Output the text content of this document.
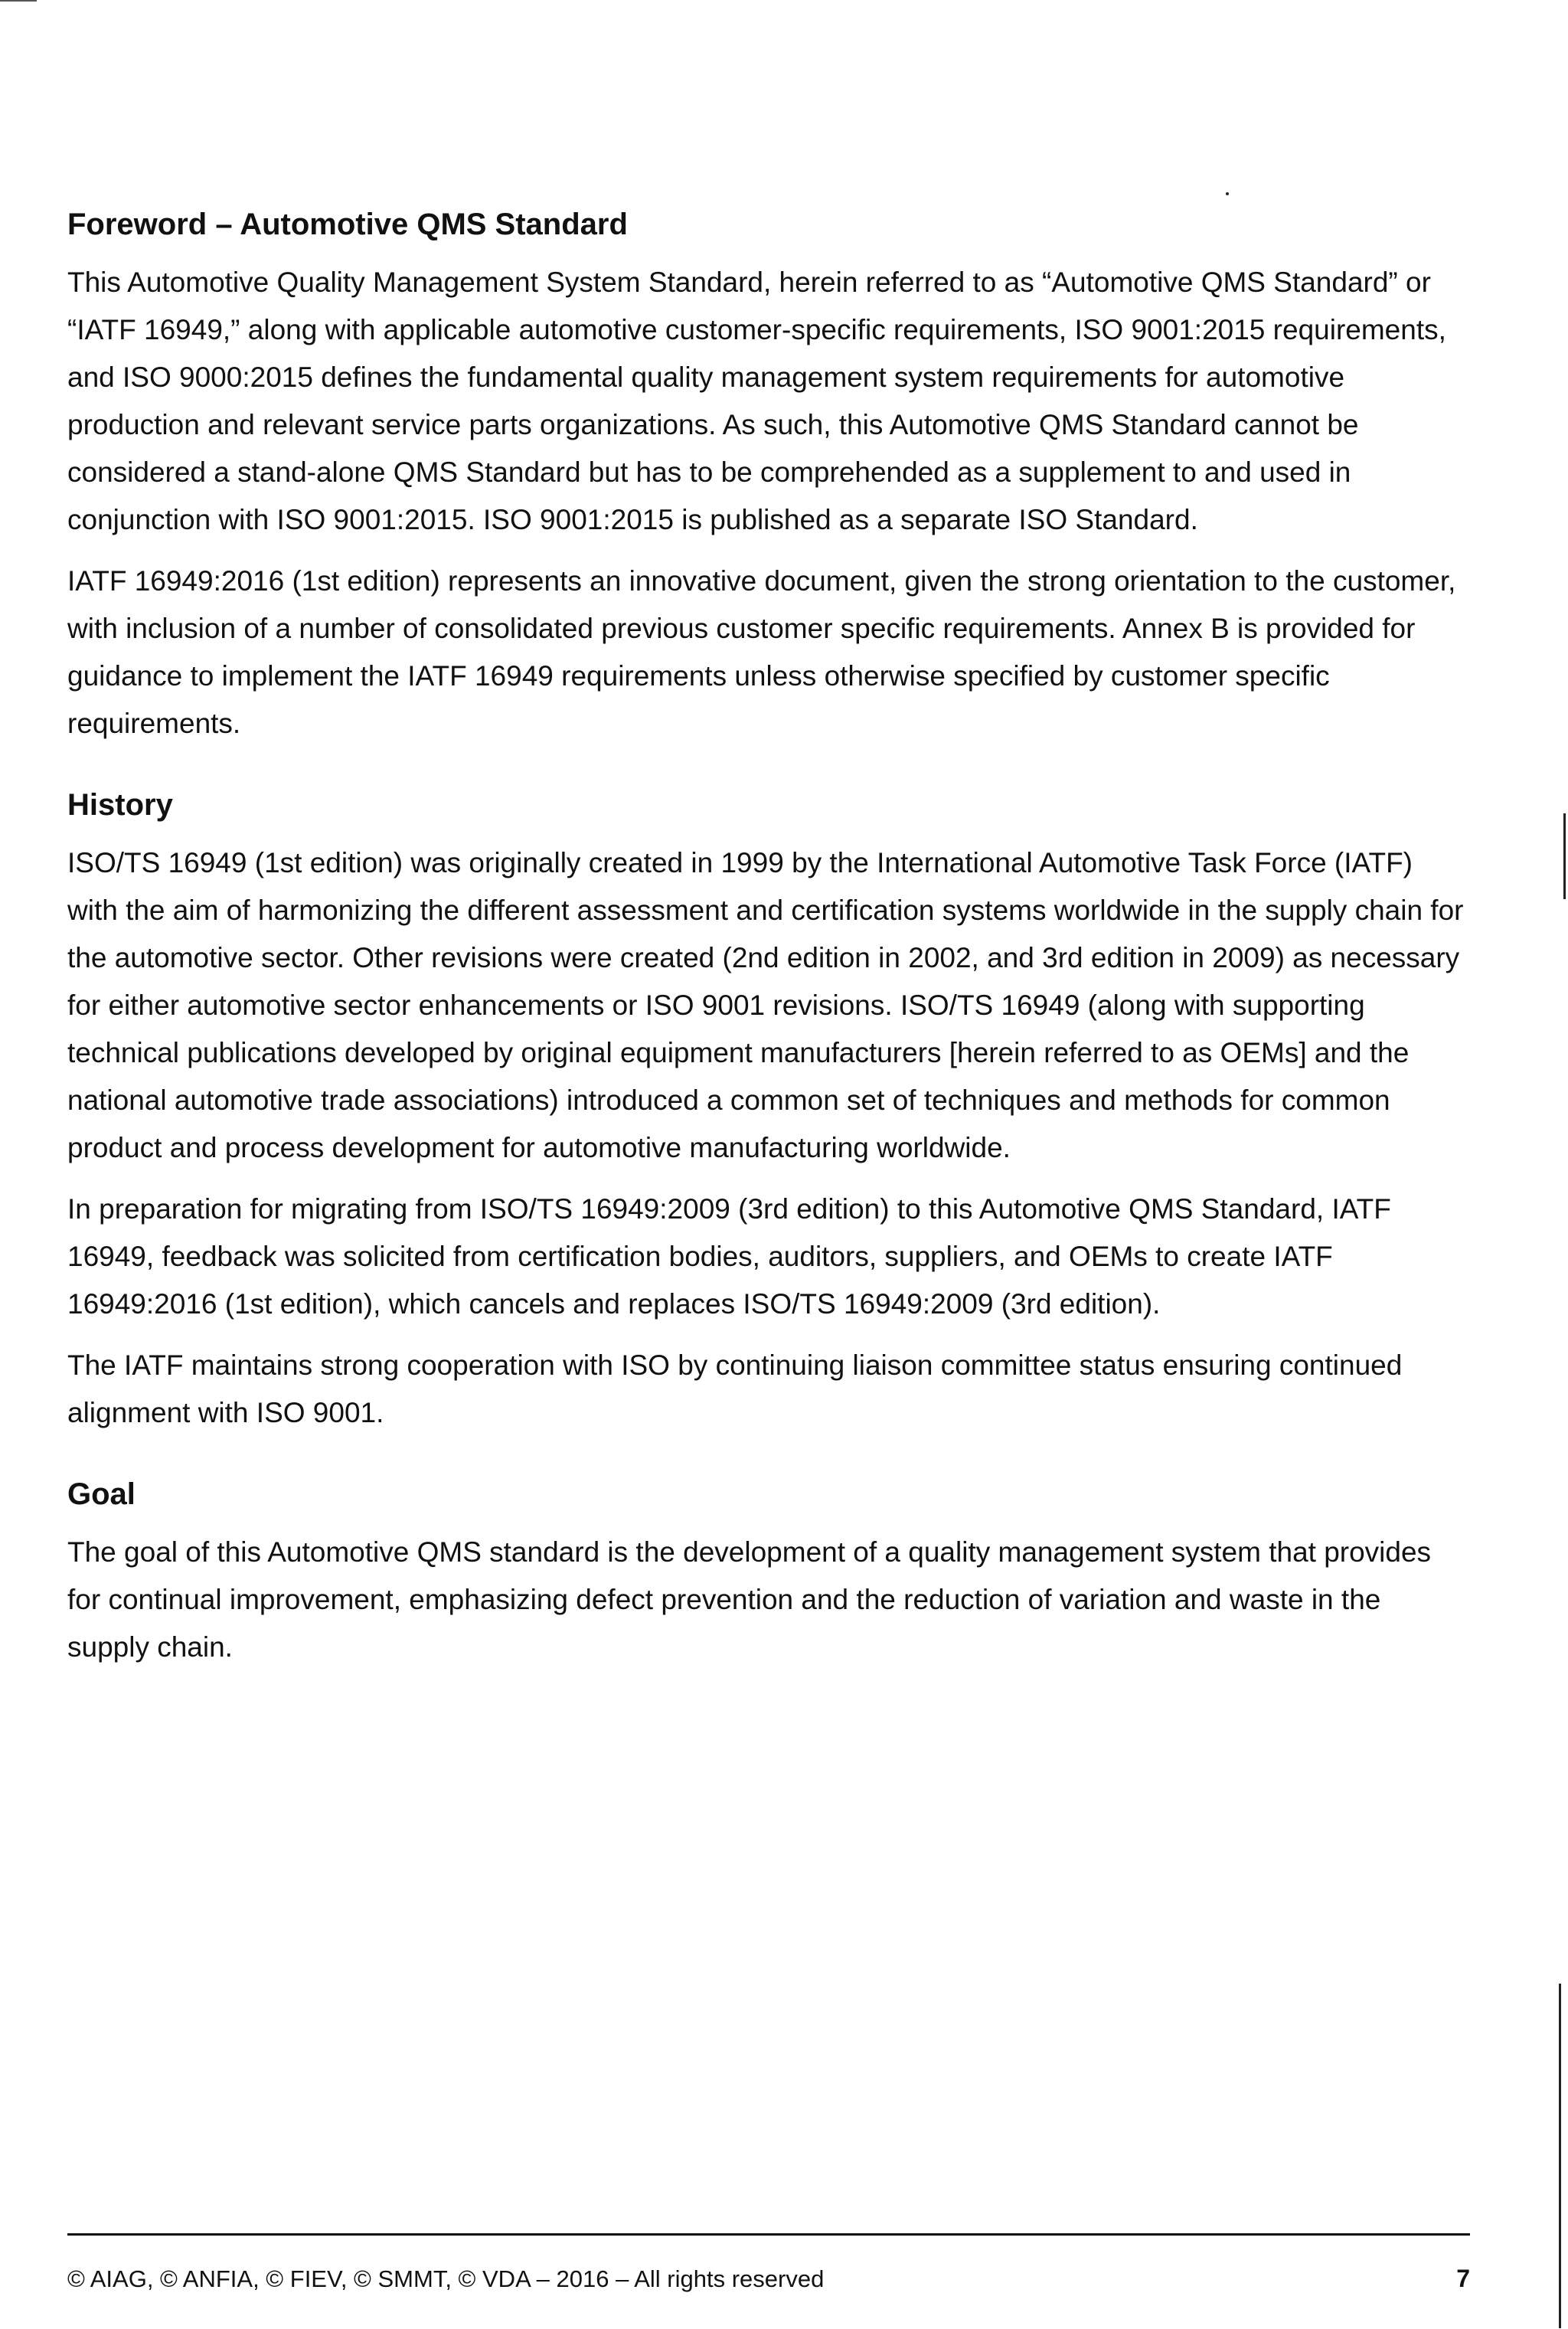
Foreword – Automotive QMS Standard

This Automotive Quality Management System Standard, herein referred to as “Automotive QMS Standard” or “IATF 16949,” along with applicable automotive customer-specific requirements, ISO 9001:2015 requirements, and ISO 9000:2015 defines the fundamental quality management system requirements for automotive production and relevant service parts organizations. As such, this Automotive QMS Standard cannot be considered a stand-alone QMS Standard but has to be comprehended as a supplement to and used in conjunction with ISO 9001:2015. ISO 9001:2015 is published as a separate ISO Standard.

IATF 16949:2016 (1st edition) represents an innovative document, given the strong orientation to the customer, with inclusion of a number of consolidated previous customer specific requirements. Annex B is provided for guidance to implement the IATF 16949 requirements unless otherwise specified by customer specific requirements.

History

ISO/TS 16949 (1st edition) was originally created in 1999 by the International Automotive Task Force (IATF) with the aim of harmonizing the different assessment and certification systems worldwide in the supply chain for the automotive sector. Other revisions were created (2nd edition in 2002, and 3rd edition in 2009) as necessary for either automotive sector enhancements or ISO 9001 revisions. ISO/TS 16949 (along with supporting technical publications developed by original equipment manufacturers [herein referred to as OEMs] and the national automotive trade associations) introduced a common set of techniques and methods for common product and process development for automotive manufacturing worldwide.

In preparation for migrating from ISO/TS 16949:2009 (3rd edition) to this Automotive QMS Standard, IATF 16949, feedback was solicited from certification bodies, auditors, suppliers, and OEMs to create IATF 16949:2016 (1st edition), which cancels and replaces ISO/TS 16949:2009 (3rd edition).

The IATF maintains strong cooperation with ISO by continuing liaison committee status ensuring continued alignment with ISO 9001.

Goal

The goal of this Automotive QMS standard is the development of a quality management system that provides for continual improvement, emphasizing defect prevention and the reduction of variation and waste in the supply chain.

© AIAG, © ANFIA, © FIEV, © SMMT, © VDA – 2016 – All rights reserved	7
